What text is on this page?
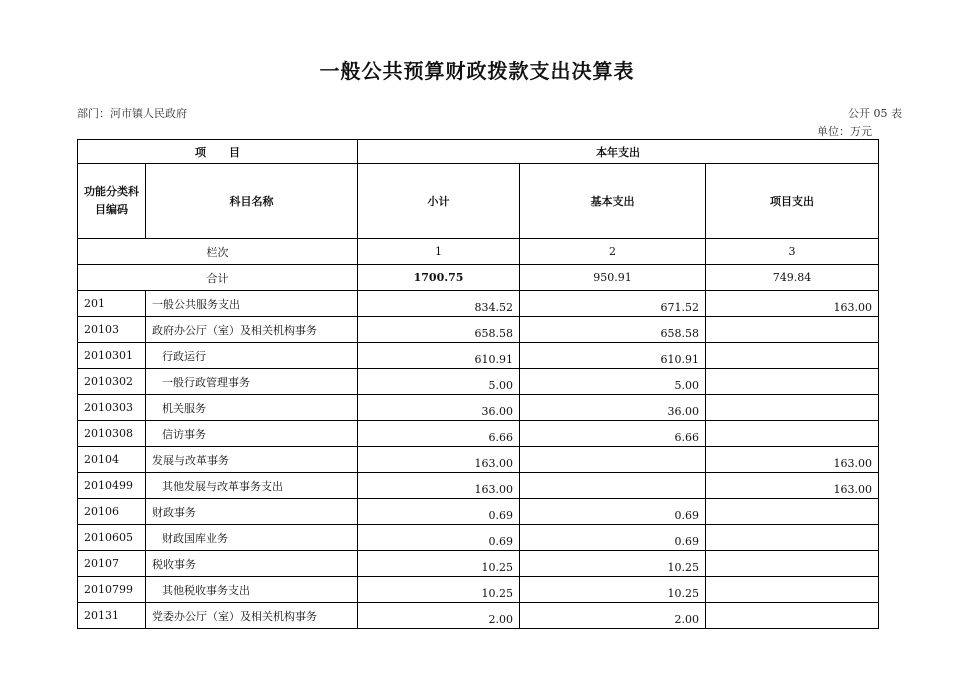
一般公共预算财政拨款支出决算表
部门：河市镇人民政府	公开 05 表
单位：万元
项      目		本年支出		
功能分类科目编码	科目名称	小计	基本支出	项目支出
栏次		1	2	3
合计		1700.75	950.91	749.84
201	一般公共服务支出	834.52	671.52	163.00
20103	政府办公厅（室）及相关机构事务	658.58	658.58	
2010301	行政运行	610.91	610.91	
2010302	一般行政管理事务	5.00	5.00	
2010303	机关服务	36.00	36.00	
2010308	信访事务	6.66	6.66	
20104	发展与改革事务	163.00		163.00
2010499	其他发展与改革事务支出	163.00		163.00
20106	财政事务	0.69	0.69	
2010605	财政国库业务	0.69	0.69	
20107	税收事务	10.25	10.25	
2010799	其他税收事务支出	10.25	10.25	
20131	党委办公厅（室）及相关机构事务	2.00	2.00	
